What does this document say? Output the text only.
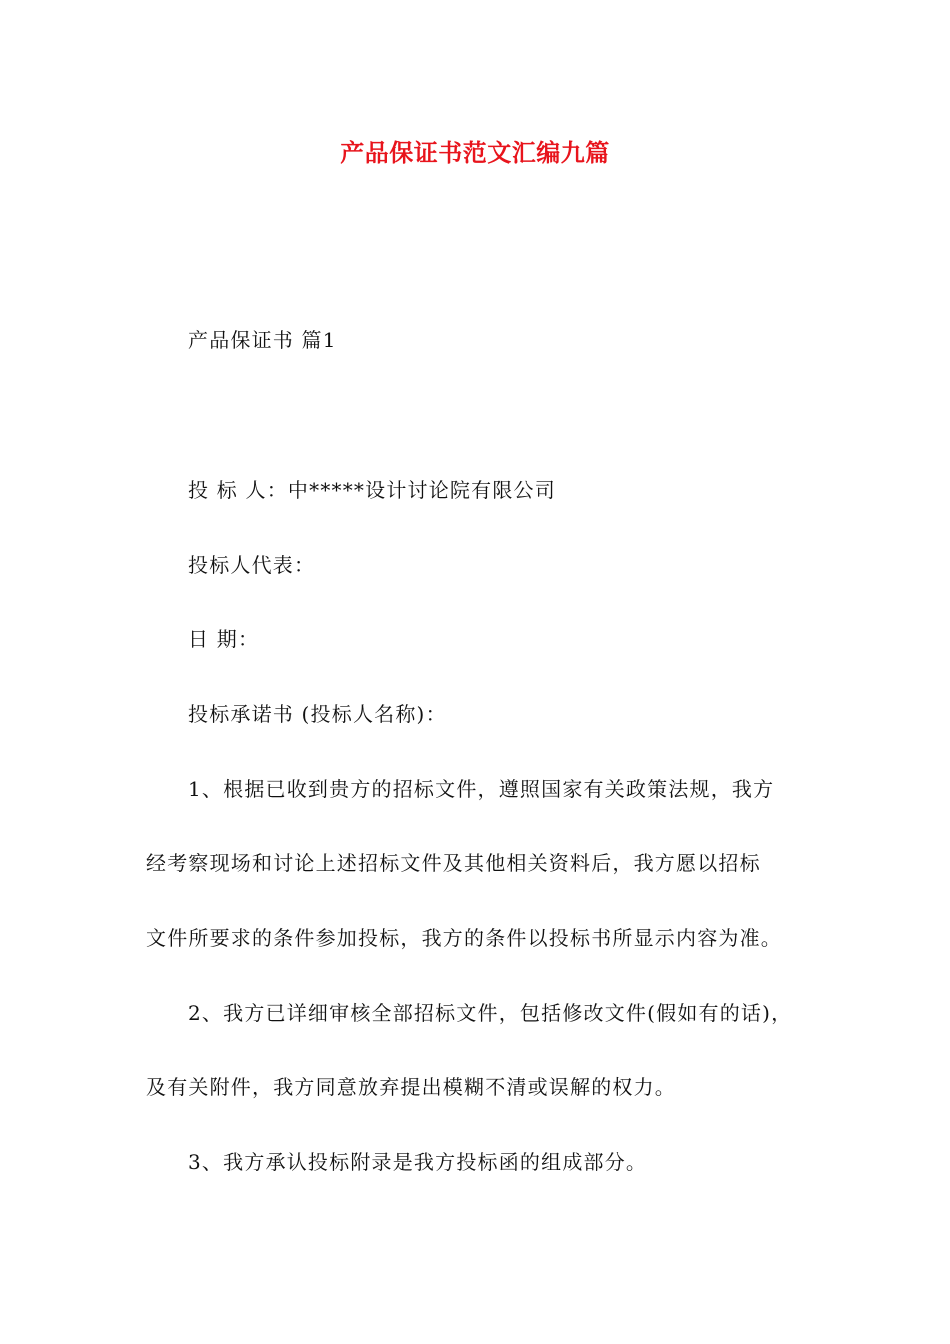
产品保证书范文汇编九篇
产品保证书 篇1
投 标 人：中*****设计讨论院有限公司
投标人代表：
日 期：
投标承诺书 (投标人名称)：
1、根据已收到贵方的招标文件，遵照国家有关政策法规，我方
经考察现场和讨论上述招标文件及其他相关资料后，我方愿以招标
文件所要求的条件参加投标，我方的条件以投标书所显示内容为准。
2、我方已详细审核全部招标文件，包括修改文件(假如有的话)，
及有关附件，我方同意放弃提出模糊不清或误解的权力。
3、我方承认投标附录是我方投标函的组成部分。
